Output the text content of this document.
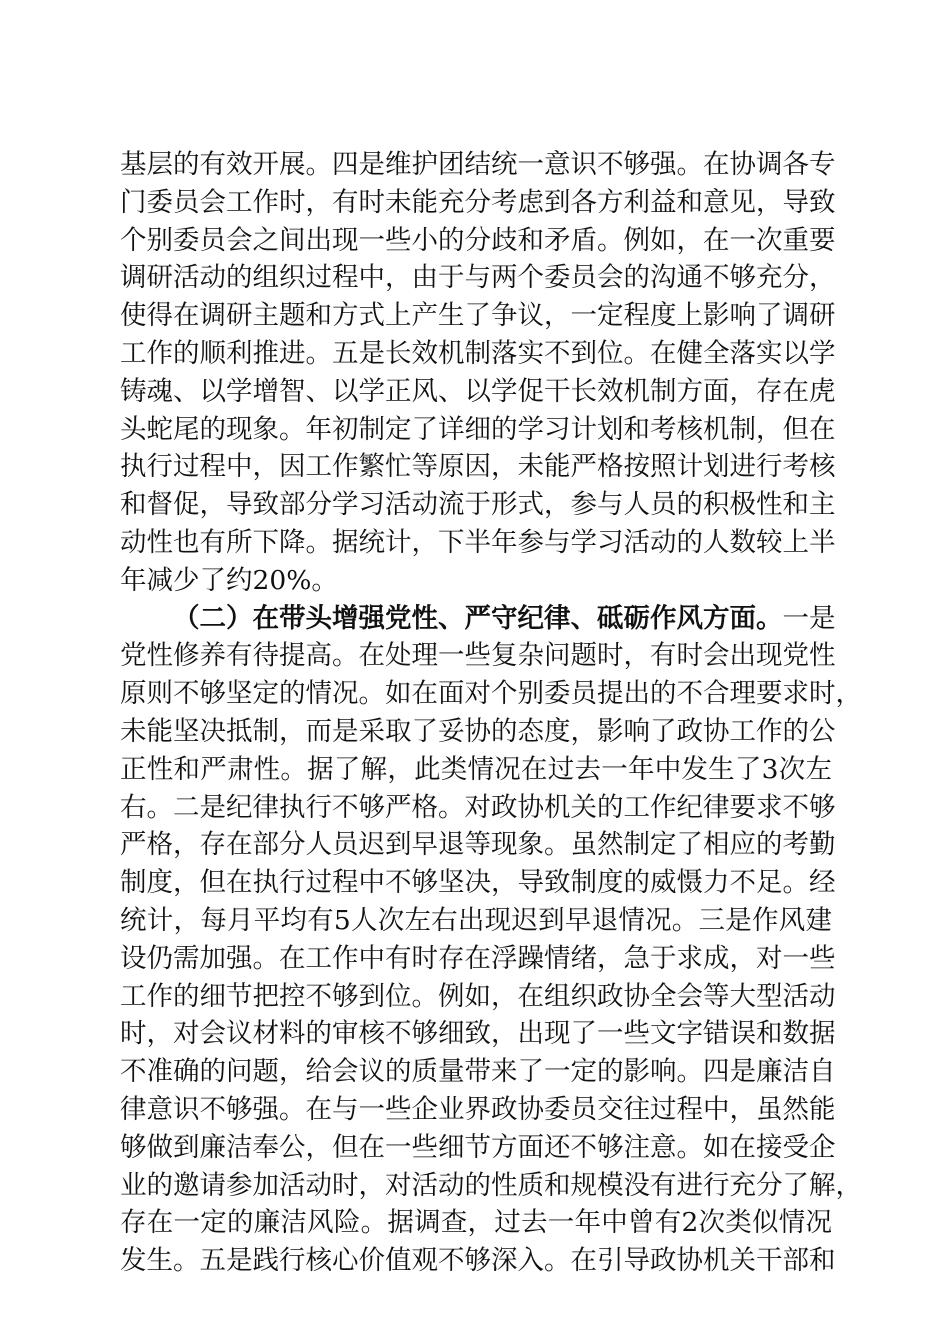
基层的有效开展。四是维护团结统一意识不够强。在协调各专
门委员会工作时，有时未能充分考虑到各方利益和意见，导致
个别委员会之间出现一些小的分歧和矛盾。例如，在一次重要
调研活动的组织过程中，由于与两个委员会的沟通不够充分，
使得在调研主题和方式上产生了争议，一定程度上影响了调研
工作的顺利推进。五是长效机制落实不到位。在健全落实以学
铸魂、以学增智、以学正风、以学促干长效机制方面，存在虎
头蛇尾的现象。年初制定了详细的学习计划和考核机制，但在
执行过程中，因工作繁忙等原因，未能严格按照计划进行考核
和督促，导致部分学习活动流于形式，参与人员的积极性和主
动性也有所下降。据统计，下半年参与学习活动的人数较上半
年减少了约20%。
（二）在带头增强党性、严守纪律、砥砺作风方面。一是
党性修养有待提高。在处理一些复杂问题时，有时会出现党性
原则不够坚定的情况。如在面对个别委员提出的不合理要求时，
未能坚决抵制，而是采取了妥协的态度，影响了政协工作的公
正性和严肃性。据了解，此类情况在过去一年中发生了3次左
右。二是纪律执行不够严格。对政协机关的工作纪律要求不够
严格，存在部分人员迟到早退等现象。虽然制定了相应的考勤
制度，但在执行过程中不够坚决，导致制度的威慑力不足。经
统计，每月平均有5人次左右出现迟到早退情况。三是作风建
设仍需加强。在工作中有时存在浮躁情绪，急于求成，对一些
工作的细节把控不够到位。例如，在组织政协全会等大型活动
时，对会议材料的审核不够细致，出现了一些文字错误和数据
不准确的问题，给会议的质量带来了一定的影响。四是廉洁自
律意识不够强。在与一些企业界政协委员交往过程中，虽然能
够做到廉洁奉公，但在一些细节方面还不够注意。如在接受企
业的邀请参加活动时，对活动的性质和规模没有进行充分了解，
存在一定的廉洁风险。据调查，过去一年中曾有2次类似情况
发生。五是践行核心价值观不够深入。在引导政协机关干部和
